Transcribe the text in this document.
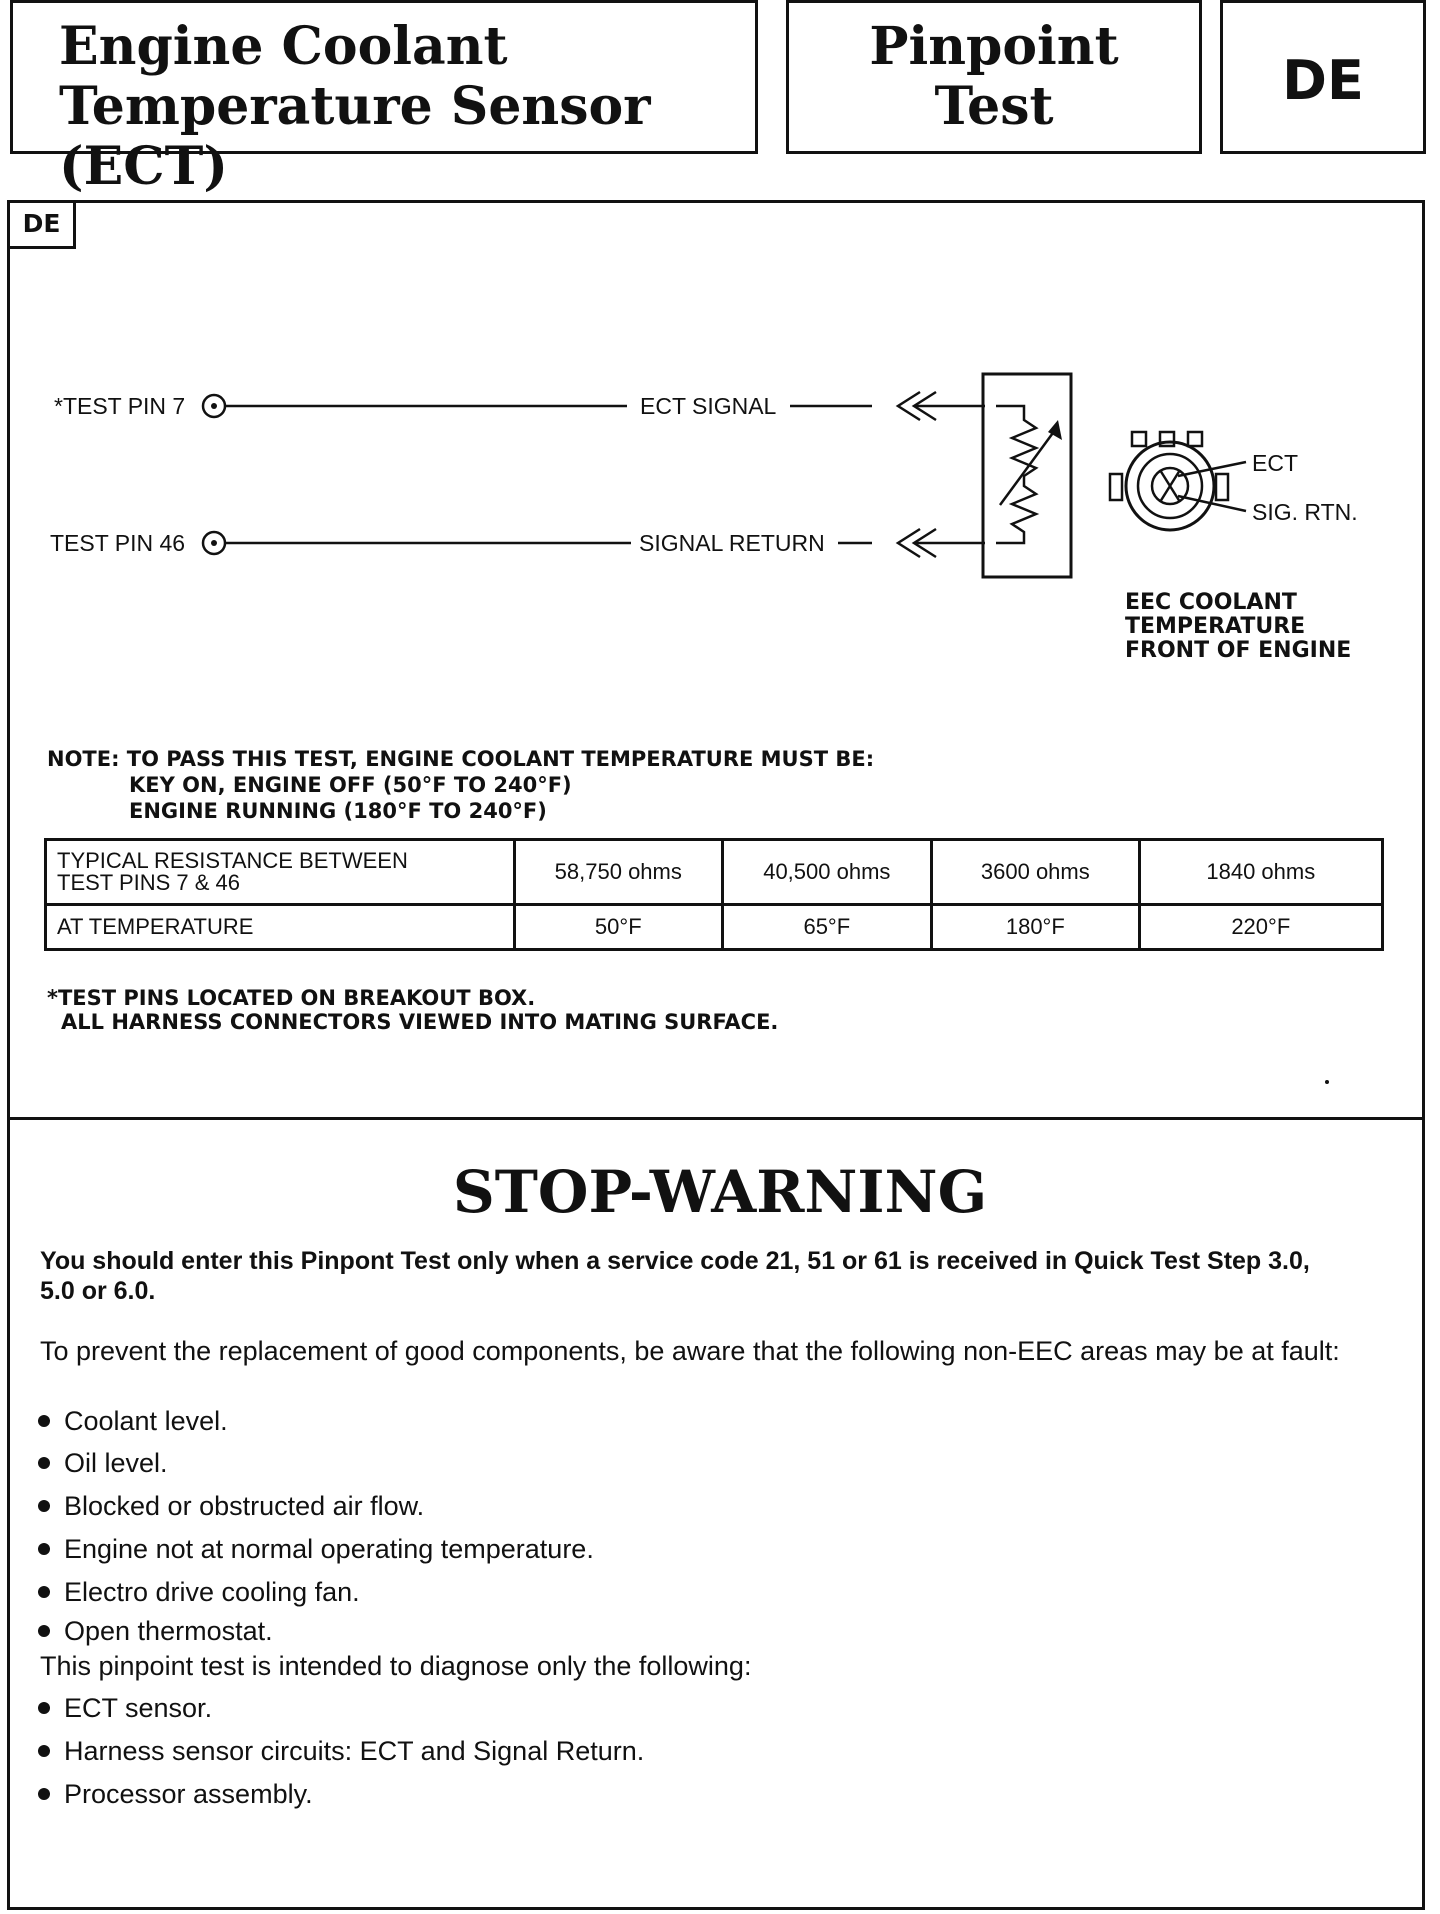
Engine Coolant
Temperature Sensor (ECT)
Pinpoint
Test	DE
DE
*TEST PIN 7
TEST PIN 46
ECT SIGNAL
SIGNAL RETURN
ECT
SIG. RTN.
EEC COOLANT
TEMPERATURE
FRONT OF ENGINE
NOTE: TO PASS THIS TEST, ENGINE COOLANT TEMPERATURE MUST BE:
KEY ON, ENGINE OFF (50°F TO 240°F)
ENGINE RUNNING (180°F TO 240°F)
TYPICAL RESISTANCE BETWEEN
TEST PINS 7 & 46	58,750 ohms	40,500 ohms	3600 ohms	1840 ohms
AT TEMPERATURE	50°F	65°F	180°F	220°F
*TEST PINS LOCATED ON BREAKOUT BOX.
ALL HARNESS CONNECTORS VIEWED INTO MATING SURFACE.
STOP-WARNING
You should enter this Pinpont Test only when a service code 21, 51 or 61 is received in Quick Test Step 3.0, 5.0 or 6.0.
To prevent the replacement of good components, be aware that the following non-EEC areas may be at fault:
Coolant level.
Oil level.
Blocked or obstructed air flow.
Engine not at normal operating temperature.
Electro drive cooling fan.
Open thermostat.
This pinpoint test is intended to diagnose only the following:
ECT sensor.
Harness sensor circuits: ECT and Signal Return.
Processor assembly.
